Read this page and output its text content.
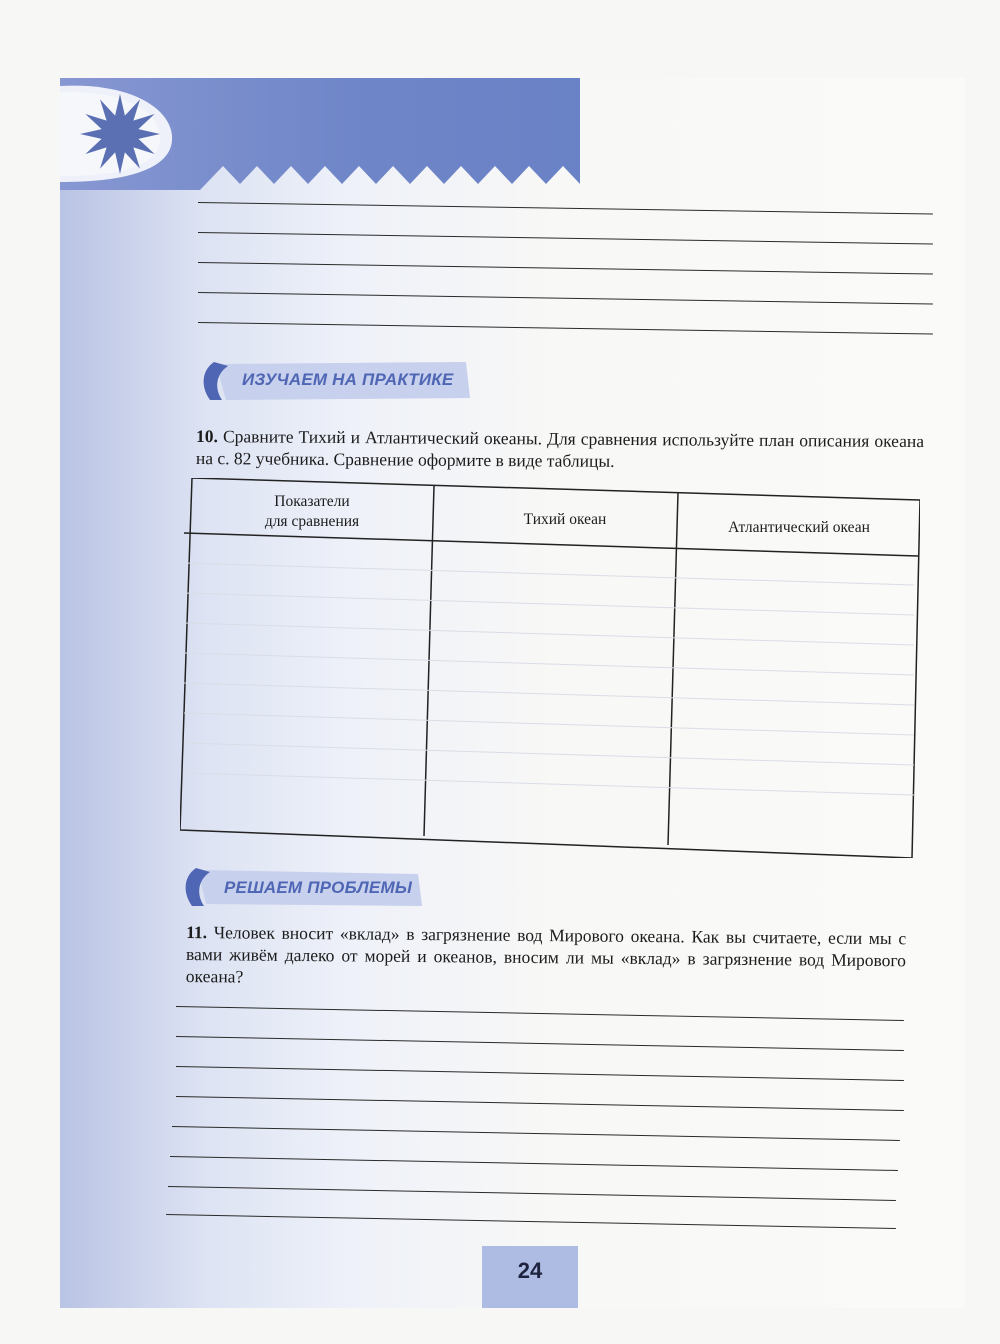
ИЗУЧАЕМ НА ПРАКТИКЕ
10. Сравните Тихий и Атлантический океаны. Для сравнения используйте план описания океана на с. 82 учебника. Сравнение оформите в виде таблицы.
Показатели
для сравнения	Тихий океан	Атлантический океан
РЕШАЕМ ПРОБЛЕМЫ
11. Человек вносит «вклад» в загрязнение вод Мирового океана. Как вы считаете, если мы с вами живём далеко от морей и океанов, вносим ли мы «вклад» в загрязнение вод Мирового океана?
24
